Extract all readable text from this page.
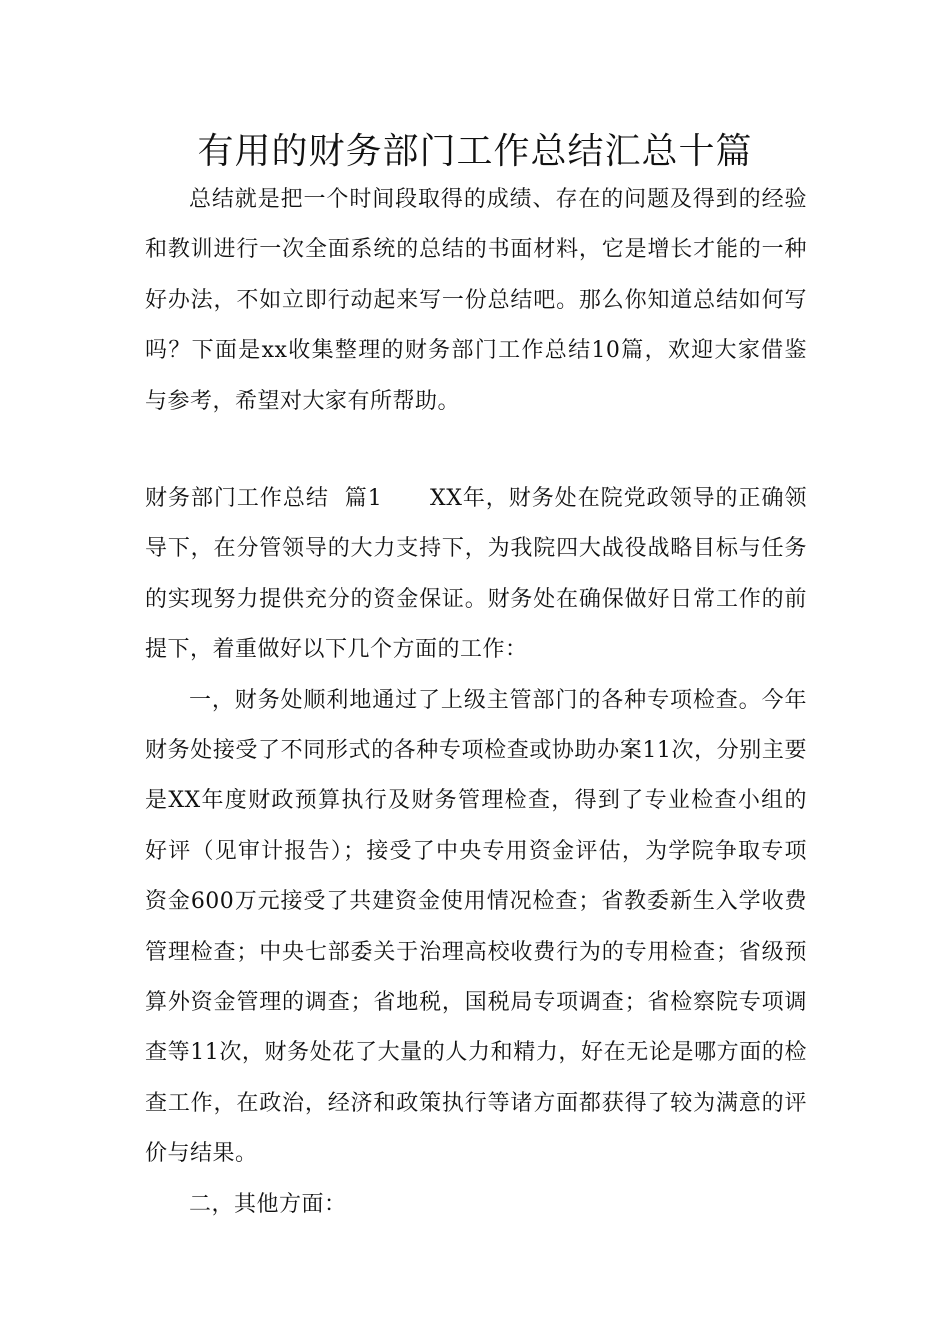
有用的财务部门工作总结汇总十篇

总结就是把一个时间段取得的成绩、存在的问题及得到的经验和教训进行一次全面系统的总结的书面材料，它是增长才能的一种好办法，不如立即行动起来写一份总结吧。那么你知道总结如何写吗？下面是xx收集整理的财务部门工作总结10篇，欢迎大家借鉴与参考，希望对大家有所帮助。

财务部门工作总结  篇1      XX年，财务处在院党政领导的正确领导下，在分管领导的大力支持下，为我院四大战役战略目标与任务的实现努力提供充分的资金保证。财务处在确保做好日常工作的前提下，着重做好以下几个方面的工作：

一，财务处顺利地通过了上级主管部门的各种专项检查。今年财务处接受了不同形式的各种专项检查或协助办案11次，分别主要是XX年度财政预算执行及财务管理检查，得到了专业检查小组的好评（见审计报告）；接受了中央专用资金评估，为学院争取专项资金600万元接受了共建资金使用情况检查；省教委新生入学收费管理检查；中央七部委关于治理高校收费行为的专用检查；省级预算外资金管理的调查；省地税，国税局专项调查；省检察院专项调查等11次，财务处花了大量的人力和精力，好在无论是哪方面的检查工作，在政治，经济和政策执行等诸方面都获得了较为满意的评价与结果。

二，其他方面：
